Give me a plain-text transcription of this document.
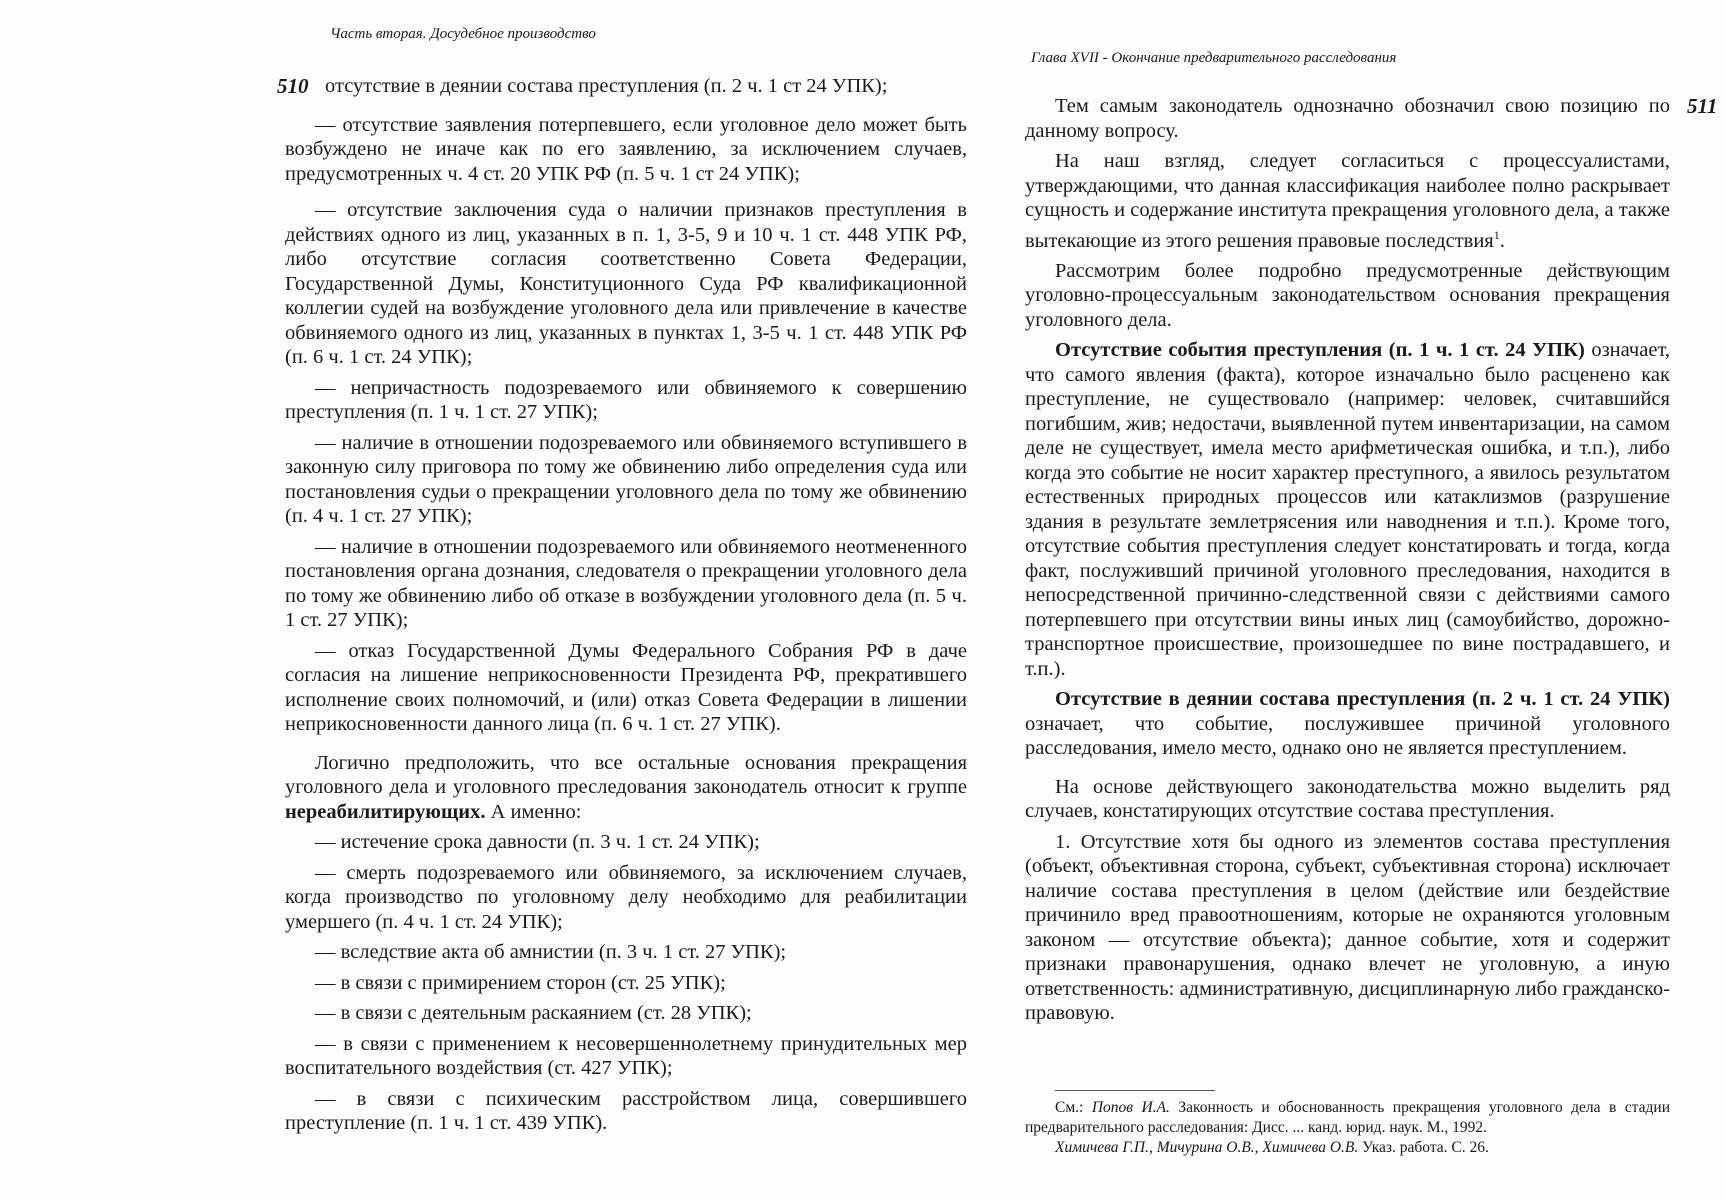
Часть вторая. Досудебное производство
510 отсутствие в деянии состава преступления (п. 2 ч. 1 ст 24 УПК);

— отсутствие заявления потерпевшего, если уголовное дело может быть возбуждено не иначе как по его заявлению, за исключением случаев, предусмотренных ч. 4 ст. 20 УПК РФ (п. 5 ч. 1 ст 24 УПК);

— отсутствие заключения суда о наличии признаков преступления в действиях одного из лиц, указанных в п. 1, 3-5, 9 и 10 ч. 1 ст. 448 УПК РФ, либо отсутствие согласия соответственно Совета Федерации, Государственной Думы, Конституционного Суда РФ квалификационной коллегии судей на возбуждение уголовного дела или привлечение в качестве обвиняемого одного из лиц, указанных в пунктах 1, 3-5 ч. 1 ст. 448 УПК РФ (п. 6 ч. 1 ст. 24 УПК);

— непричастность подозреваемого или обвиняемого к совершению преступления (п. 1 ч. 1 ст. 27 УПК);

— наличие в отношении подозреваемого или обвиняемого вступившего в законную силу приговора по тому же обвинению либо определения суда или постановления судьи о прекращении уголовного дела по тому же обвинению (п. 4 ч. 1 ст. 27 УПК);

— наличие в отношении подозреваемого или обвиняемого неотмененного постановления органа дознания, следователя о прекращении уголовного дела по тому же обвинению либо об отказе в возбуждении уголовного дела (п. 5 ч. 1 ст. 27 УПК);

— отказ Государственной Думы Федерального Собрания РФ в даче согласия на лишение неприкосновенности Президента РФ, прекратившего исполнение своих полномочий, и (или) отказ Совета Федерации в лишении неприкосновенности данного лица (п. 6 ч. 1 ст. 27 УПК).

Логично предположить, что все остальные основания прекращения уголовного дела и уголовного преследования законодатель относит к группе нереабилитирующих. А именно:

— истечение срока давности (п. 3 ч. 1 ст. 24 УПК);

— смерть подозреваемого или обвиняемого, за исключением случаев, когда производство по уголовному делу необходимо для реабилитации умершего (п. 4 ч. 1 ст. 24 УПК);

— вследствие акта об амнистии (п. 3 ч. 1 ст. 27 УПК);

— в связи с примирением сторон (ст. 25 УПК);

— в связи с деятельным раскаянием (ст. 28 УПК);

— в связи с применением к несовершеннолетнему принудительных мер воспитательного воздействия (ст. 427 УПК);

— в связи с психическим расстройством лица, совершившего преступление (п. 1 ч. 1 ст. 439 УПК).

Глава XVII - Окончание предварительного расследования
511

Тем самым законодатель однозначно обозначил свою позицию по данному вопросу.

На наш взгляд, следует согласиться с процессуалистами, утверждающими, что данная классификация наиболее полно раскрывает сущность и содержание института прекращения уголовного дела, а также вытекающие из этого решения правовые последствия$^1$.

Рассмотрим более подробно предусмотренные действующим уголовно-процессуальным законодательством основания прекращения уголовного дела.

Отсутствие события преступления (п. 1 ч. 1 ст. 24 УПК) означает, что самого явления (факта), которое изначально было расценено как преступление, не существовало (например: человек, считавшийся погибшим, жив; недостачи, выявленной путем инвентаризации, на самом деле не существует, имела место арифметическая ошибка, и т.п.), либо когда это событие не носит характер преступного, а явилось результатом естественных природных процессов или катаклизмов (разрушение здания в результате землетрясения или наводнения и т.п.). Кроме того, отсутствие события преступления следует констатировать и тогда, когда факт, послуживший причиной уголовного преследования, находится в непосредственной причинно-следственной связи с действиями самого потерпевшего при отсутствии вины иных лиц (самоубийство, дорожно-транспортное происшествие, произошедшее по вине пострадавшего, и т.п.).

Отсутствие в деянии состава преступления (п. 2 ч. 1 ст. 24 УПК) означает, что событие, послужившее причиной уголовного расследования, имело место, однако оно не является преступлением.

На основе действующего законодательства можно выделить ряд случаев, констатирующих отсутствие состава преступления.

1. Отсутствие хотя бы одного из элементов состава преступления (объект, объективная сторона, субъект, субъективная сторона) исключает наличие состава преступления в целом (действие или бездействие причинило вред правоотношениям, которые не охраняются уголовным законом — отсутствие объекта); данное событие, хотя и содержит признаки правонарушения, однако влечет не уголовную, а иную ответственность: административную, дисциплинарную либо гражданско-правовую.

См.: Попов И.А. Законность и обоснованность прекращения уголовного дела в стадии предварительного расследования: Дисс. ... канд. юрид. наук. М., 1992.

Химичева Г.П., Мичурина О.В., Химичева О.В. Указ. работа. С. 26.
